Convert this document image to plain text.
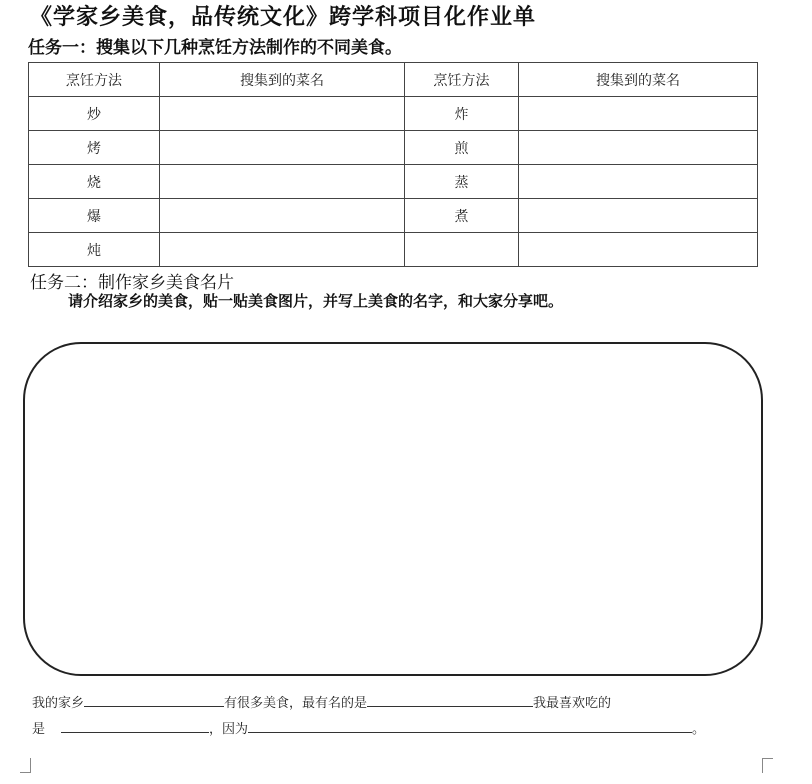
《学家乡美食，品传统文化》跨学科项目化作业单
任务一：搜集以下几种烹饪方法制作的不同美食。
烹饪方法	搜集到的菜名	烹饪方法	搜集到的菜名
炒		炸	
烤		煎	
烧		蒸	
爆		煮	
炖			
任务二：制作家乡美食名片
请介绍家乡的美食，贴一贴美食图片，并写上美食的名字，和大家分享吧。
我的家乡	有很多美食，最有名的是	我最喜欢吃的
是	，因为	。
